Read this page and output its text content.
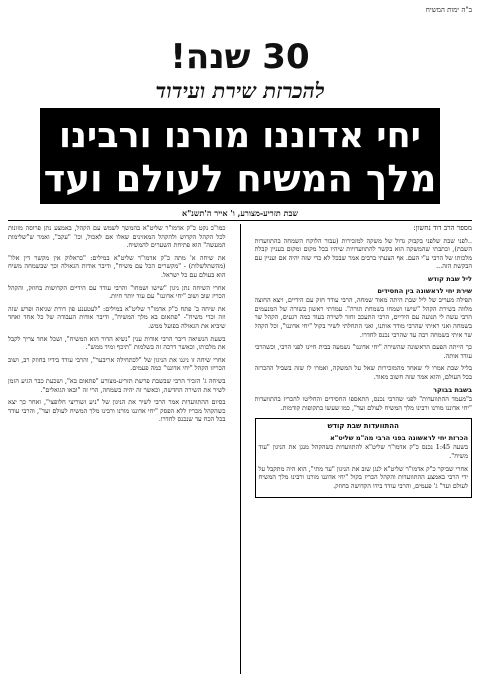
ב"ה ימות המשיח
30 שנה!
להכרזת שירת ועידוד
יחי אדוננו מורנו ורבינו
מלך המשיח לעולם ועד
שבת תזריע-מצורע, ו' אייר ה'תשנ"א

מספר הרב דוד נחשון:

..לפני שבת שלפני בקבוק גדול של משקה למזכירות (עבור הלוקח השמחה בהתוועדות השבת), וכתבתי שהמשקה הוא בקשר להתוועדויות שיהיו בכל מקום ומקום בעניין קבלת מלכותו של הרבי ע"י העם. אף הצעתי ברבים אמר שבכל לא כדי שזה יהיה אם ועניין עם הבקשת הזה...

ליל שבת קודש
שירת יחי לראשונה בין החסידים

תפילה מעריב של ליל שבת היתה מאוד שמחה, הרבי עודד חזק עם הידיים, ויצא החוצה מלווה בשירת הקהל "שישו ושמחו בשמחת תורה". עמדתי ראשון בשורה של המנעמים הרבי עשה לי תנועה עם הידיים, הרבי התעכב וחזר לשירה בעוד כמה רגעים, הקהל שר בשמחה ואני ראיתי שהרבי מודד אותנו, ואני התחלתי לשיר בקול "יחי אדוננו", וכל הקהל שר איתי בשמחה רבה עד שהרבי נכנס לחדרו.

כך הייתה הפעם הראשונה שהשירה "יחי אדוננו" נשמעה בבית חיינו לפני הרבי, וכשהרבי עודד אותה.

בליל שבת אמרו לי שאחד מהמזכירות שאל על המשקה, ואמרו לו שזה בשביל ההכרזה בכל העולם, והוא אמר שזה חשוב מאוד.

בשבת בבוקר

ב"מעמד ההתוועדות" לפני שהרבי נכנס, התאספו החסידים והחליטו להכריז בהתוועדות "יחי אדוננו מורנו ורבינו מלך המשיח לעולם ועד", כמו שעשו בתקופות קודמות.

ההתוועדות שבת קודש
הכרזת יחי לראשונה בפני הרבי מה"מ שליט"א

בשעה 1:45 נכנס כ"ק אדמו"ר שליט"א להתוועדות כשהקהל מנגן את הניגון "עוד משיח".

אחרי שביקר כ"ק אדמו"ר שליט"א לנגן שוב את הניגון "עד מתי", הוא היה מתקבל על ידי הרבי באמצע ההתוועדות והקהל הכריז בקול "יחי אדוננו מורנו ורבינו מלך המשיח לעולם ועד" ג' פעמים, והרבי עודד בידו הקדושה בחוזק.

כמו"כ נקט כ"ק אדמו"ר שליט"א בהמשך לשמש עם הקהל, באמצע נתן פרוסה מזונות לכל הקהל הקדוש ולהקהל המאזינים שאלו אם לאכול, וכו' "עקב", ואמר ש"שלימות המעשה" הוא פתיחת השערים להמשיח.

את שיחה א' מתה כ"ק אדמו"ר שליט"א במילים: "כראלוק אין מקשר דין אלו" (מהשתלשלות) - "מקשרים הכל עם משיח", ודיבר אודות הגאולה וכך שבשמחה משיח הוא בעולם עם כל ישראל.

אחרי השיחה נתן ניגון "שישו ושמחו" והרבי עודד עם הידיים הקדושות בחוזק, והקהל הכריז שוב ושוב "יחי אדוננו" עם עוד יותר חיות.

את שיחה ב' פתח כ"ק אדמו"ר שליט"א במילים: "לעטענע פון דורת שגיאה ופרש שזה וזה וכדי משיח"- "פתאום בא מלך המשיח", ודיבר אודות העבודה של כל אחד ואחד שיביא את הגאולה בפועל ממש.

בשעת הנשיאה דיבר הרבי אודות ענין "נשיא הדור הוא המשיח", ושכל אחד צריך לקבל את מלכותו, וכאשר דרכה זה בשלמות "תיכף ומיד ממש".

אחרי שיחה זו ניגנו את הניגון של "לכתחילה אריבער", והרבי עודד בידיו בחוזק רב, ושוב הכריזו הקהל "יחי אדוננו" כמה פעמים.

בשיחה ג' הזכיר הרבי שבשבת פרשת תזריע-מצורע "פתאום בא", ושכעת כבר הגיע הזמן לשיר את השירה החדשה, וכאשר זה יהיה בשמחה, הרי זה "ובאו הגואלים".

בסיום ההתוועדות אמר הרבי לשיר את הניגון של "ניע זשוריצי חלופצי", ואחר כך יצא כשהקהל מכריז ללא הפסק "יחי אדוננו מורנו ורבינו מלך המשיח לעולם ועד", והרבי עודד בכל הכח עד שנכנס לחדרו.
